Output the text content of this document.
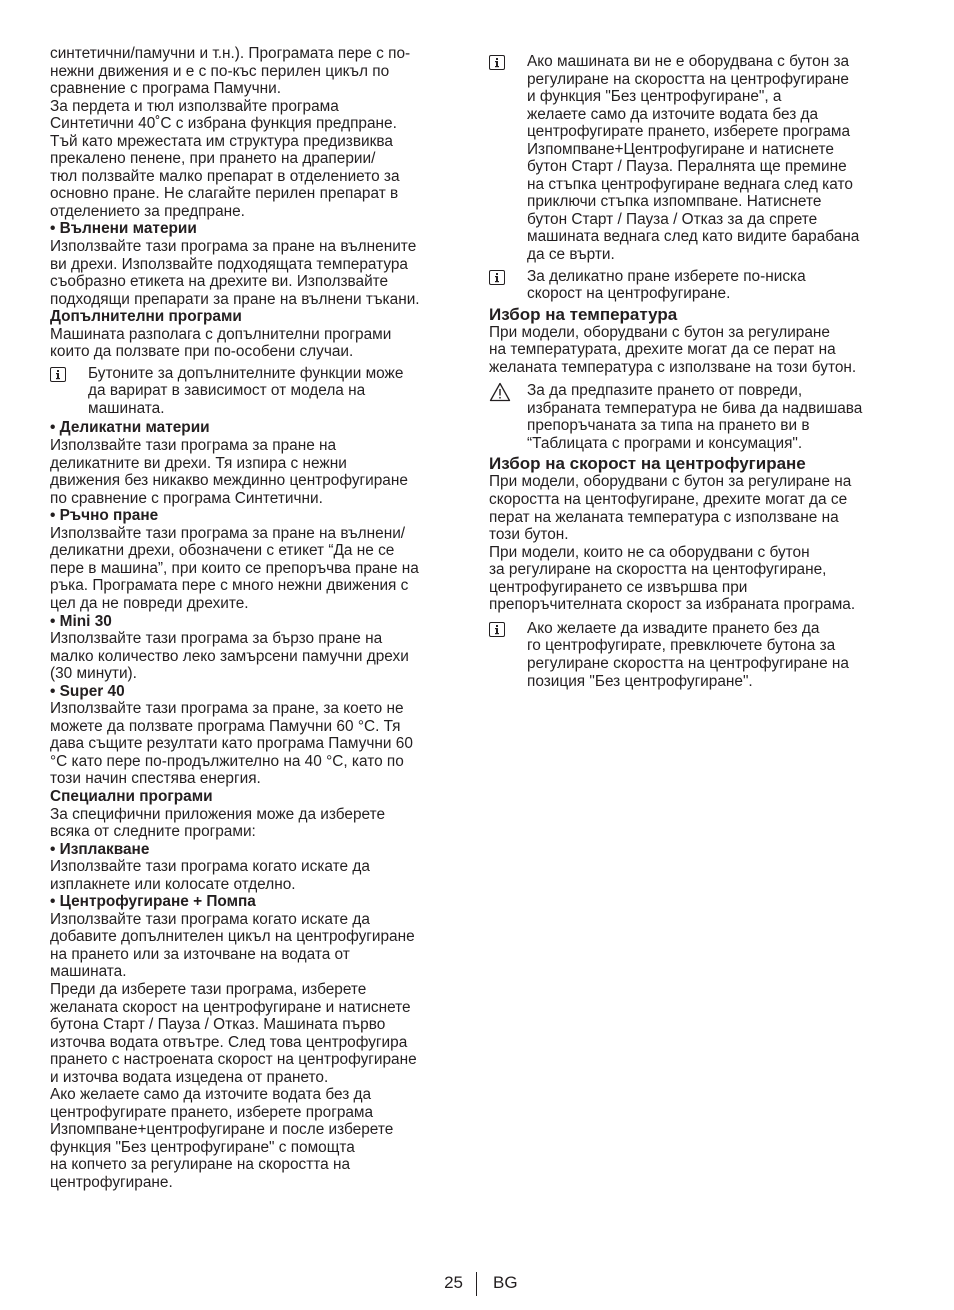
синтетични/памучни и т.н.). Програмата пере с по-
нежни движения и е с по-къс перилен цикъл по
сравнение с програма Памучни.
За пердета и тюл използвайте програма
Синтетични 40˚C с избрана функция предпране.
Тъй като мрежестата им структура предизвиква
прекалено пенене, при прането на драперии/
тюл ползвайте малко препарат в отделението за
основно пране. Не слагайте перилен препарат в
отделението за предпране.

• Вълнени материи

Използвайте тази програма за пране на вълнените
ви дрехи. Използвайте подходящата температура
съобразно етикета на дрехите ви. Използвайте
подходящи препарати за пране на вълнени тъкани.

Допълнителни програми

Машината разполага с допълнителни програми
които да ползвате при по-особени случаи.

Бутоните за допълнителните функции може
да варират в зависимост от модела на
машината.

• Деликатни материи

Използвайте тази програма за пране на
деликатните ви дрехи. Тя изпира с нежни
движения без никакво междинно центрофугиране
по сравнение с програма Синтетични.

• Ръчно пране

Използвайте тази програма за пране на вълнени/
деликатни дрехи, обозначени с етикет “Да не се
пере в машина”, при които се препоръчва пране на
ръка. Програмата пере с много нежни движения с
цел да не повреди дрехите.

• Mini 30

Използвайте тази програма за бързо пране на
малко количество леко замърсени памучни дрехи
(30 минути).

• Super 40

Използвайте тази програма за пране, за което не
можете да ползвате програма Памучни 60 °C. Тя
дава същите резултати като програма Памучни 60
°C като пере по-продължително на 40 °C, като по
този начин спестява енергия.

Специални програми

За специфични приложения може да изберете
всяка от следните програми:

• Изплакване

Използвайте тази програма когато искате да
изплакнете или колосате отделно.

• Центрофугиране + Помпа

Използвайте тази програма когато искате да
добавите допълнителен цикъл на центрофугиране
на прането или за източване на водата от
машината.
Преди да изберете тази програма, изберете
желаната скорост на центрофугиране и натиснете
бутона Старт / Пауза / Отказ. Машината първо
източва водата отвътре. След това центрофугира
прането с настроената скорост на центрофугиране
и източва водата изцедена от прането.
Ако желаете само да източите водата без да
центрофугирате прането, изберете програма
Изпомпване+центрофугиране и после изберете
функция "Без центрофугиране" с помощта
на копчето за регулиране на скоростта на
центрофугиране.

Ако машината ви не е оборудвана с бутон за
регулиране на скоростта на центрофугиране
и функция "Без центрофугиране", а
желаете само да източите водата без да
центрофугирате прането, изберете програма
Изпомпване+Центрофугиране и натиснете
бутон Старт / Пауза. Пералнята ще премине
на стъпка центрофугиране веднага след като
приключи стъпка изпомпване. Натиснете
бутон Старт / Пауза / Отказ за да спрете
машината веднага след като видите барабана
да се върти.

За деликатно пране изберете по-ниска
скорост на центрофугиране.

Избор на температура

При модели, оборудвани с бутон за регулиране
на температурата, дрехите могат да се перат на
желаната температура с използване на този бутон.

За да предпазите прането от повреди,
избраната температура не бива да надвишава
препоръчаната за типа на прането ви в
“Таблицата с програми и консумация".

Избор на скорост на центрофугиране

При модели, оборудвани с бутон за регулиране на
скоростта на центофугиране, дрехите могат да се
перат на желаната температура с използване на
този бутон.
При модели, които не са оборудвани с бутон
за регулиране на скоростта на центофугиране,
центрофугирането се извършва при
препоръчителната скорост за избраната програма.

Ако желаете да извадите прането без да
го центрофугирате, превключете бутона за
регулиране скоростта на центрофугиране на
позиция "Без центрофугиране".

25 BG
